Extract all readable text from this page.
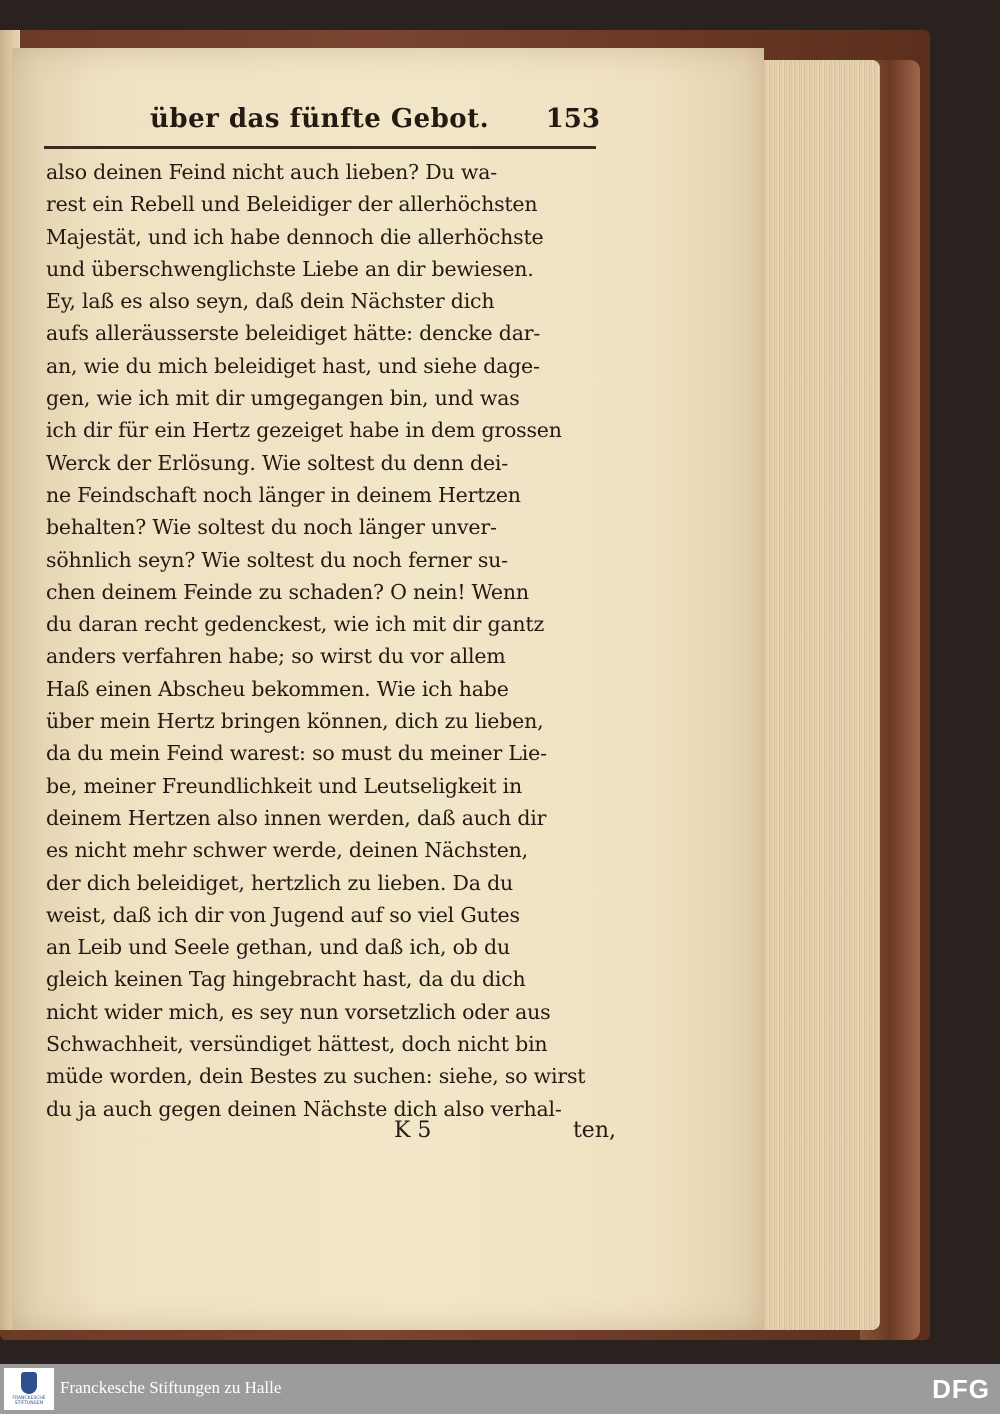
über das fünfte Gebot. 153
also deinen Feind nicht auch lieben? Du wa-
rest ein Rebell und Beleidiger der allerhöchsten
Majestät, und ich habe dennoch die allerhöchste
und überschwenglichste Liebe an dir bewiesen.
Ey, laß es also seyn, daß dein Nächster dich
aufs alleräusserste beleidiget hätte: dencke dar-
an, wie du mich beleidiget hast, und siehe dage-
gen, wie ich mit dir umgegangen bin, und was
ich dir für ein Hertz gezeiget habe in dem grossen
Werck der Erlösung. Wie soltest du denn dei-
ne Feindschaft noch länger in deinem Hertzen
behalten? Wie soltest du noch länger unver-
söhnlich seyn? Wie soltest du noch ferner su-
chen deinem Feinde zu schaden? O nein! Wenn
du daran recht gedenckest, wie ich mit dir gantz
anders verfahren habe; so wirst du vor allem
Haß einen Abscheu bekommen. Wie ich habe
über mein Hertz bringen können, dich zu lieben,
da du mein Feind warest: so must du meiner Lie-
be, meiner Freundlichkeit und Leutseligkeit in
deinem Hertzen also innen werden, daß auch dir
es nicht mehr schwer werde, deinen Nächsten,
der dich beleidiget, hertzlich zu lieben. Da du
weist, daß ich dir von Jugend auf so viel Gutes
an Leib und Seele gethan, und daß ich, ob du
gleich keinen Tag hingebracht hast, da du dich
nicht wider mich, es sey nun vorsetzlich oder aus
Schwachheit, versündiget hättest, doch nicht bin
müde worden, dein Bestes zu suchen: siehe, so wirst
du ja auch gegen deinen Nächste dich also verhal-
K 5	ten,
FRANCKESCHE STIFTUNGEN
Franckesche Stiftungen zu Halle	DFG
